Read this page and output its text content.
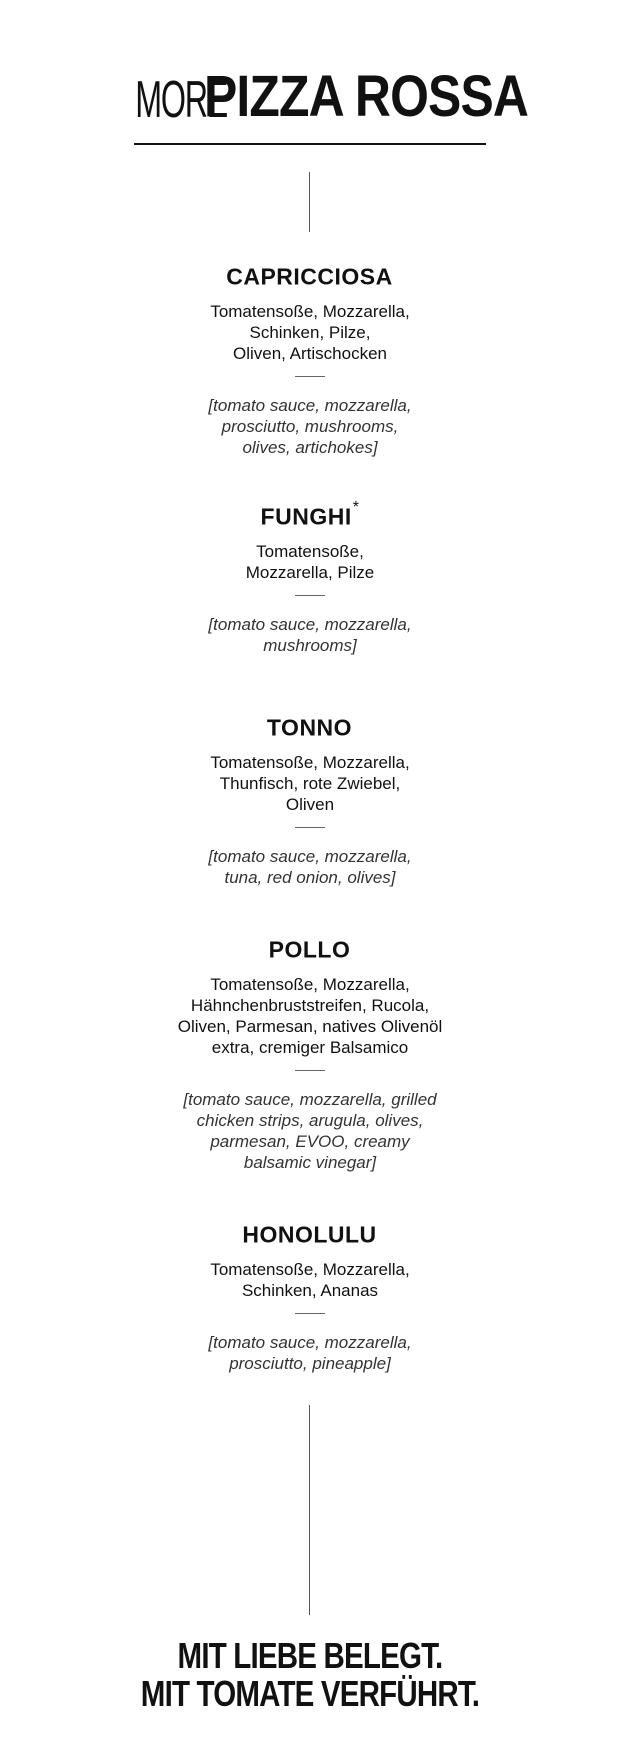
MORE PIZZA ROSSA
CAPRICCIOSA
Tomatensoße, Mozzarella,
Schinken, Pilze,
Oliven, Artischocken
[tomato sauce, mozzarella,
prosciutto, mushrooms,
olives, artichokes]
FUNGHI*
Tomatensoße,
Mozzarella, Pilze
[tomato sauce, mozzarella,
mushrooms]
TONNO
Tomatensoße, Mozzarella,
Thunfisch, rote Zwiebel,
Oliven
[tomato sauce, mozzarella,
tuna, red onion, olives]
POLLO
Tomatensoße, Mozzarella,
Hähnchenbruststreifen, Rucola,
Oliven, Parmesan, natives Olivenöl
extra, cremiger Balsamico
[tomato sauce, mozzarella, grilled
chicken strips, arugula, olives,
parmesan, EVOO, creamy
balsamic vinegar]
HONOLULU
Tomatensoße, Mozzarella,
Schinken, Ananas
[tomato sauce, mozzarella,
prosciutto, pineapple]
MIT LIEBE BELEGT.
MIT TOMATE VERFÜHRT.
